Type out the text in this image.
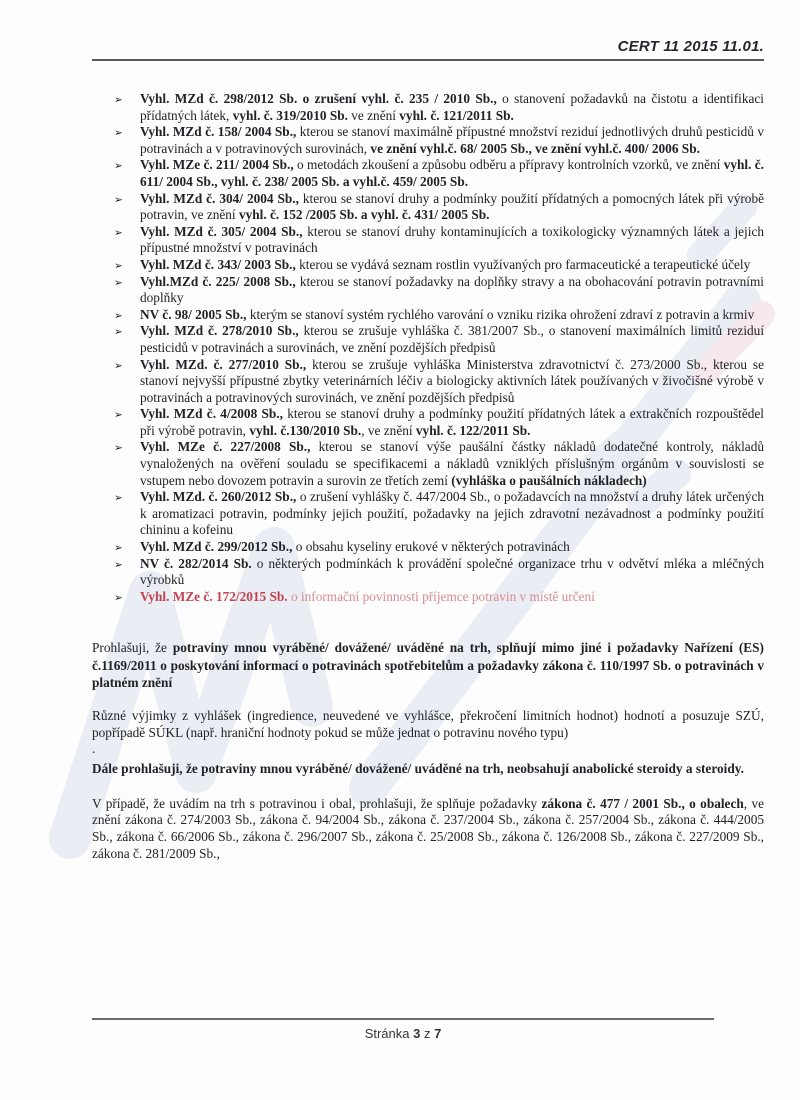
CERT 11 2015 11.01.
➢ Vyhl. MZd č. 298/2012 Sb. o zrušení vyhl. č. 235 / 2010 Sb., o stanovení požadavků na čistotu a identifikaci přídatných látek, vyhl. č. 319/2010 Sb. ve znění vyhl. č. 121/2011 Sb.
➢ Vyhl. MZd č. 158/ 2004 Sb., kterou se stanoví maximálně přípustné množství reziduí jednotlivých druhů pesticidů v potravinách a v potravinových surovinách, ve znění vyhl.č. 68/ 2005 Sb., ve znění vyhl.č. 400/ 2006 Sb.
➢ Vyhl. MZe č. 211/ 2004 Sb., o metodách zkoušení a způsobu odběru a přípravy kontrolních vzorků, ve znění vyhl. č. 611/ 2004 Sb., vyhl. č. 238/ 2005 Sb. a vyhl.č. 459/ 2005 Sb.
➢ Vyhl. MZd č. 304/ 2004 Sb., kterou se stanoví druhy a podmínky použití přídatných a pomocných látek při výrobě potravin, ve znění vyhl. č. 152 /2005 Sb. a vyhl. č. 431/ 2005 Sb.
➢ Vyhl. MZd č. 305/ 2004 Sb., kterou se stanoví druhy kontaminujících a toxikologicky významných látek a jejich přípustné množství v potravinách
➢ Vyhl. MZd č. 343/ 2003 Sb., kterou se vydává seznam rostlin využívaných pro farmaceutické a terapeutické účely
➢ Vyhl.MZd č. 225/ 2008 Sb., kterou se stanoví požadavky na doplňky stravy a na obohacování potravin potravními doplňky
➢ NV č. 98/ 2005 Sb., kterým se stanoví systém rychlého varování o vzniku rizika ohrožení zdraví z potravin a krmiv
➢ Vyhl. MZd č. 278/2010 Sb., kterou se zrušuje vyhláška č. 381/2007 Sb., o stanovení maximálních limitů reziduí pesticidů v potravinách a surovinách, ve znění pozdějších předpisů
➢ Vyhl. MZd. č. 277/2010 Sb., kterou se zrušuje vyhláška Ministerstva zdravotnictví č. 273/2000 Sb., kterou se stanoví nejvyšší přípustné zbytky veterinárních léčiv a biologicky aktivních látek používaných v živočišné výrobě v potravinách a potravinových surovinách, ve znění pozdějších předpisů
➢ Vyhl. MZd č. 4/2008 Sb., kterou se stanoví druhy a podmínky použití přídatných látek a extrakčních rozpouštědel při výrobě potravin, vyhl. č.130/2010 Sb., ve znění vyhl. č. 122/2011 Sb.
➢ Vyhl. MZe č. 227/2008 Sb., kterou se stanoví výše paušální částky nákladů dodatečné kontroly, nákladů vynaložených na ověření souladu se specifikacemi a nákladů vzniklých příslušným orgánům v souvislosti se vstupem nebo dovozem potravin a surovin ze třetích zemí (vyhláška o paušálních nákladech)
➢ Vyhl. MZd. č. 260/2012 Sb., o zrušení vyhlášky č. 447/2004 Sb., o požadavcích na množství a druhy látek určených k aromatizaci potravin, podmínky jejich použití, požadavky na jejich zdravotní nezávadnost a podmínky použití chininu a kofeinu
➢ Vyhl. MZd č. 299/2012 Sb., o obsahu kyseliny erukové v některých potravinách
➢ NV č. 282/2014 Sb. o některých podmínkách k provádění společné organizace trhu v odvětví mléka a mléčných výrobků
➢ Vyhl. MZe č. 172/2015 Sb. o informační povinnosti příjemce potravin v místě určení

Prohlašuji, že potraviny mnou vyráběné/ dovážené/ uváděné na trh, splňují mimo jiné i požadavky Nařízení (ES) č.1169/2011 o poskytování informací o potravinách spotřebitelům a požadavky zákona č. 110/1997 Sb. o potravinách v platném znění

Různé výjimky z vyhlášek (ingredience, neuvedené ve vyhlášce, překročení limitních hodnot) hodnotí a posuzuje SZÚ, popřípadě SÚKL (např. hraniční hodnoty pokud se může jednat o potravinu nového typu)

.

Dále prohlašuji, že potraviny mnou vyráběné/ dovážené/ uváděné na trh, neobsahují anabolické steroidy a steroidy.

V případě, že uvádím na trh s potravinou i obal, prohlašuji, že splňuje požadavky zákona č. 477 / 2001 Sb., o obalech, ve znění zákona č. 274/2003 Sb., zákona č. 94/2004 Sb., zákona č. 237/2004 Sb., zákona č. 257/2004 Sb., zákona č. 444/2005 Sb., zákona č. 66/2006 Sb., zákona č. 296/2007 Sb., zákona č. 25/2008 Sb., zákona č. 126/2008 Sb., zákona č. 227/2009 Sb., zákona č. 281/2009 Sb.,

Stránka 3 z 7
